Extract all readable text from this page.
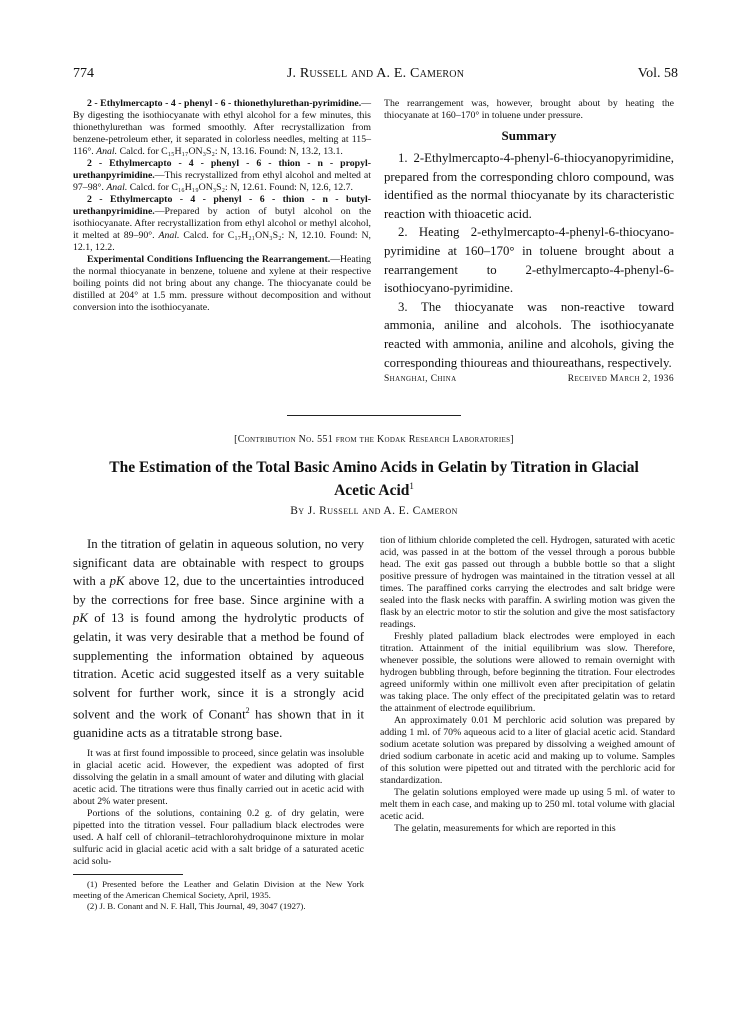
774	J. Russell and A. E. Cameron	Vol. 58

2 - Ethylmercapto - 4 - phenyl - 6 - thionethylurethan-pyrimidine.—By digesting the isothiocyanate with ethyl alcohol for a few minutes, this thionethylurethan was formed smoothly. After recrystallization from benzene-petroleum ether, it separated in colorless needles, melting at 115–116°. Anal. Calcd. for C₁₅H₁₇ON₃S₂: N, 13.16. Found: N, 13.2, 13.1.

2 - Ethylmercapto - 4 - phenyl - 6 - thion - n - propyl-urethanpyrimidine.—This recrystallized from ethyl alcohol and melted at 97–98°. Anal. Calcd. for C₁₆H₁₉ON₃S₂: N, 12.61. Found: N, 12.6, 12.7.

2 - Ethylmercapto - 4 - phenyl - 6 - thion - n - butyl-urethanpyrimidine.—Prepared by action of butyl alcohol on the isothiocyanate. After recrystallization from ethyl alcohol or methyl alcohol, it melted at 89–90°. Anal. Calcd. for C₁₇H₂₁ON₃S₂: N, 12.10. Found: N, 12.1, 12.2.

Experimental Conditions Influencing the Rearrangement.—Heating the normal thiocyanate in benzene, toluene and xylene at their respective boiling points did not bring about any change. The thiocyanate could be distilled at 204° at 1.5 mm. pressure without decomposition and without conversion into the isothiocyanate.

The rearrangement was, however, brought about by heating the thiocyanate at 160–170° in toluene under pressure.

Summary

1. 2-Ethylmercapto-4-phenyl-6-thiocyanopyrimidine, prepared from the corresponding chloro compound, was identified as the normal thiocyanate by its characteristic reaction with thioacetic acid.

2. Heating 2-ethylmercapto-4-phenyl-6-thiocyano-pyrimidine at 160–170° in toluene brought about a rearrangement to 2-ethylmercapto-4-phenyl-6-isothiocyano-pyrimidine.

3. The thiocyanate was non-reactive toward ammonia, aniline and alcohols. The isothiocyanate reacted with ammonia, aniline and alcohols, giving the corresponding thioureas and thioureathans, respectively.

Shanghai, China	Received March 2, 1936
[Contribution No. 551 from the Kodak Research Laboratories]
The Estimation of the Total Basic Amino Acids in Gelatin by Titration in Glacial
Acetic Acid$^1$
By J. Russell and A. E. Cameron

In the titration of gelatin in aqueous solution, no very significant data are obtainable with respect to groups with a pK above 12, due to the uncertainties introduced by the corrections for free base. Since arginine with a pK of 13 is found among the hydrolytic products of gelatin, it was very desirable that a method be found of supplementing the information obtained by aqueous titration. Acetic acid suggested itself as a very suitable solvent for further work, since it is a strongly acid solvent and the work of Conant$^2$ has shown that in it guanidine acts as a titratable strong base.

It was at first found impossible to proceed, since gelatin was insoluble in glacial acetic acid. However, the expedient was adopted of first dissolving the gelatin in a small amount of water and diluting with glacial acetic acid. The titrations were thus finally carried out in acetic acid with about 2% water present.

Portions of the solutions, containing 0.2 g. of dry gelatin, were pipetted into the titration vessel. Four palladium black electrodes were used. A half cell of chloranil–tetrachlorohydroquinone mixture in molar sulfuric acid in glacial acetic acid with a salt bridge of a saturated acetic acid solu-

(1) Presented before the Leather and Gelatin Division at the New York meeting of the American Chemical Society, April, 1935.

(2) J. B. Conant and N. F. Hall, This Journal, 49, 3047 (1927).

tion of lithium chloride completed the cell. Hydrogen, saturated with acetic acid, was passed in at the bottom of the vessel through a porous bubble head. The exit gas passed out through a bubble bottle so that a slight positive pressure of hydrogen was maintained in the titration vessel at all times. The paraffined corks carrying the electrodes and salt bridge were sealed into the flask necks with paraffin. A swirling motion was given the flask by an electric motor to stir the solution and give the most satisfactory readings.

Freshly plated palladium black electrodes were employed in each titration. Attainment of the initial equilibrium was slow. Therefore, whenever possible, the solutions were allowed to remain overnight with hydrogen bubbling through, before beginning the titration. Four electrodes agreed uniformly within one millivolt even after precipitation of gelatin was taking place. The only effect of the precipitated gelatin was to retard the attainment of electrode equilibrium.

An approximately 0.01 M perchloric acid solution was prepared by adding 1 ml. of 70% aqueous acid to a liter of glacial acetic acid. Standard sodium acetate solution was prepared by dissolving a weighed amount of dried sodium carbonate in acetic acid and making up to volume. Samples of this solution were pipetted out and titrated with the perchloric acid for standardization.

The gelatin solutions employed were made up using 5 ml. of water to melt them in each case, and making up to 250 ml. total volume with glacial acetic acid.

The gelatin, measurements for which are reported in this
